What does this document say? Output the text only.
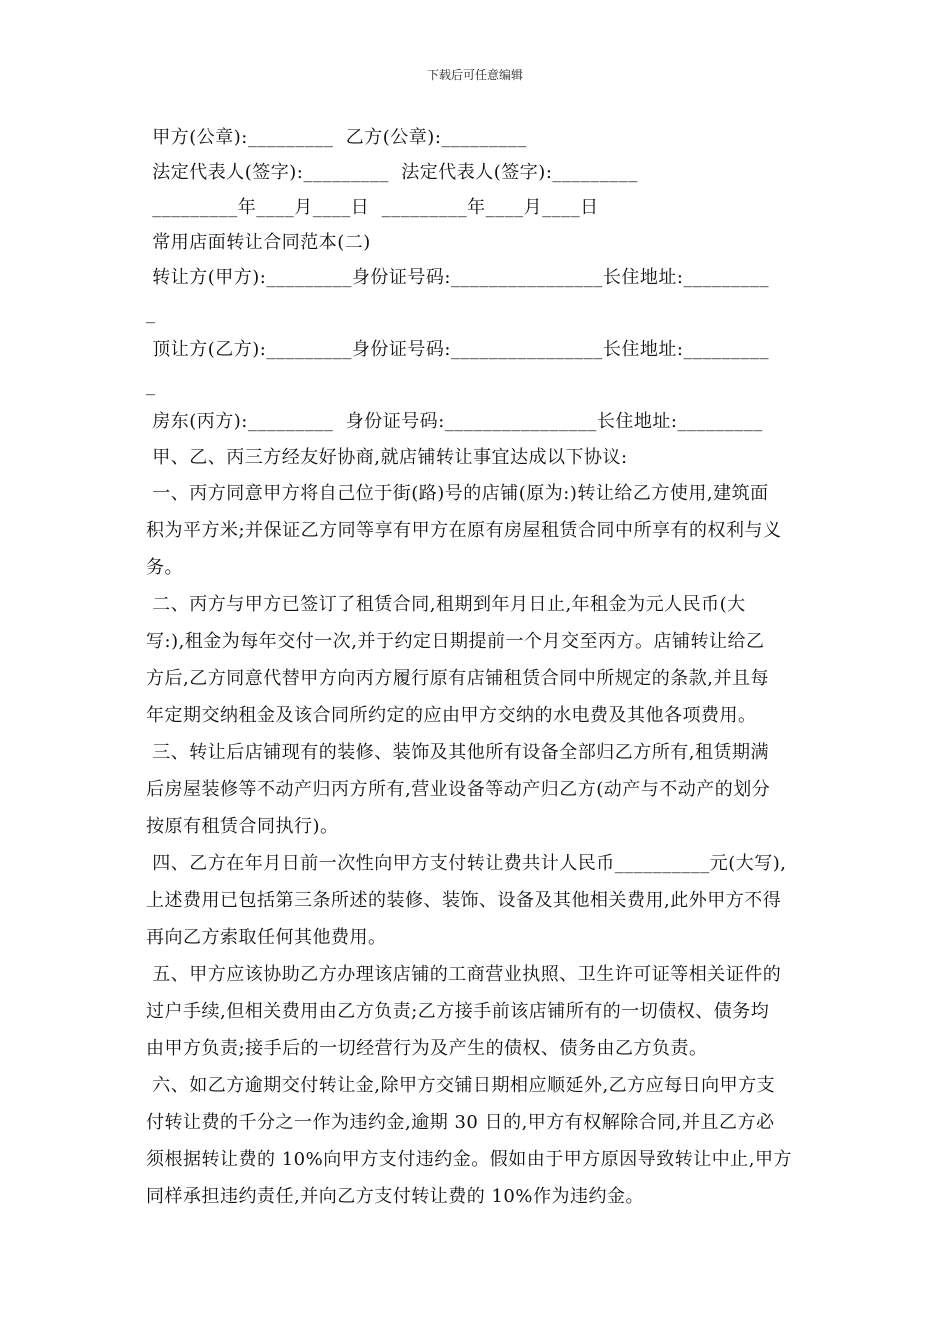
下载后可任意编辑
甲方(公章):_________  乙方(公章):_________
法定代表人(签字):_________  法定代表人(签字):_________
_________年____月____日  _________年____月____日
常用店面转让合同范本(二)
转让方(甲方):_________身份证号码:________________长住地址:_________
_
顶让方(乙方):_________身份证号码:________________长住地址:_________
_
房东(丙方):_________  身份证号码:________________长住地址:_________
甲、乙、丙三方经友好协商,就店铺转让事宜达成以下协议:
一、丙方同意甲方将自己位于街(路)号的店铺(原为:)转让给乙方使用,建筑面
积为平方米;并保证乙方同等享有甲方在原有房屋租赁合同中所享有的权利与义
务。
二、丙方与甲方已签订了租赁合同,租期到年月日止,年租金为元人民币(大
写:),租金为每年交付一次,并于约定日期提前一个月交至丙方。店铺转让给乙
方后,乙方同意代替甲方向丙方履行原有店铺租赁合同中所规定的条款,并且每
年定期交纳租金及该合同所约定的应由甲方交纳的水电费及其他各项费用。
三、转让后店铺现有的装修、装饰及其他所有设备全部归乙方所有,租赁期满
后房屋装修等不动产归丙方所有,营业设备等动产归乙方(动产与不动产的划分
按原有租赁合同执行)。
四、乙方在年月日前一次性向甲方支付转让费共计人民币__________元(大写),
上述费用已包括第三条所述的装修、装饰、设备及其他相关费用,此外甲方不得
再向乙方索取任何其他费用。
五、甲方应该协助乙方办理该店铺的工商营业执照、卫生许可证等相关证件的
过户手续,但相关费用由乙方负责;乙方接手前该店铺所有的一切债权、债务均
由甲方负责;接手后的一切经营行为及产生的债权、债务由乙方负责。
六、如乙方逾期交付转让金,除甲方交铺日期相应顺延外,乙方应每日向甲方支
付转让费的千分之一作为违约金,逾期 30 日的,甲方有权解除合同,并且乙方必
须根据转让费的 10%向甲方支付违约金。假如由于甲方原因导致转让中止,甲方
同样承担违约责任,并向乙方支付转让费的 10%作为违约金。
